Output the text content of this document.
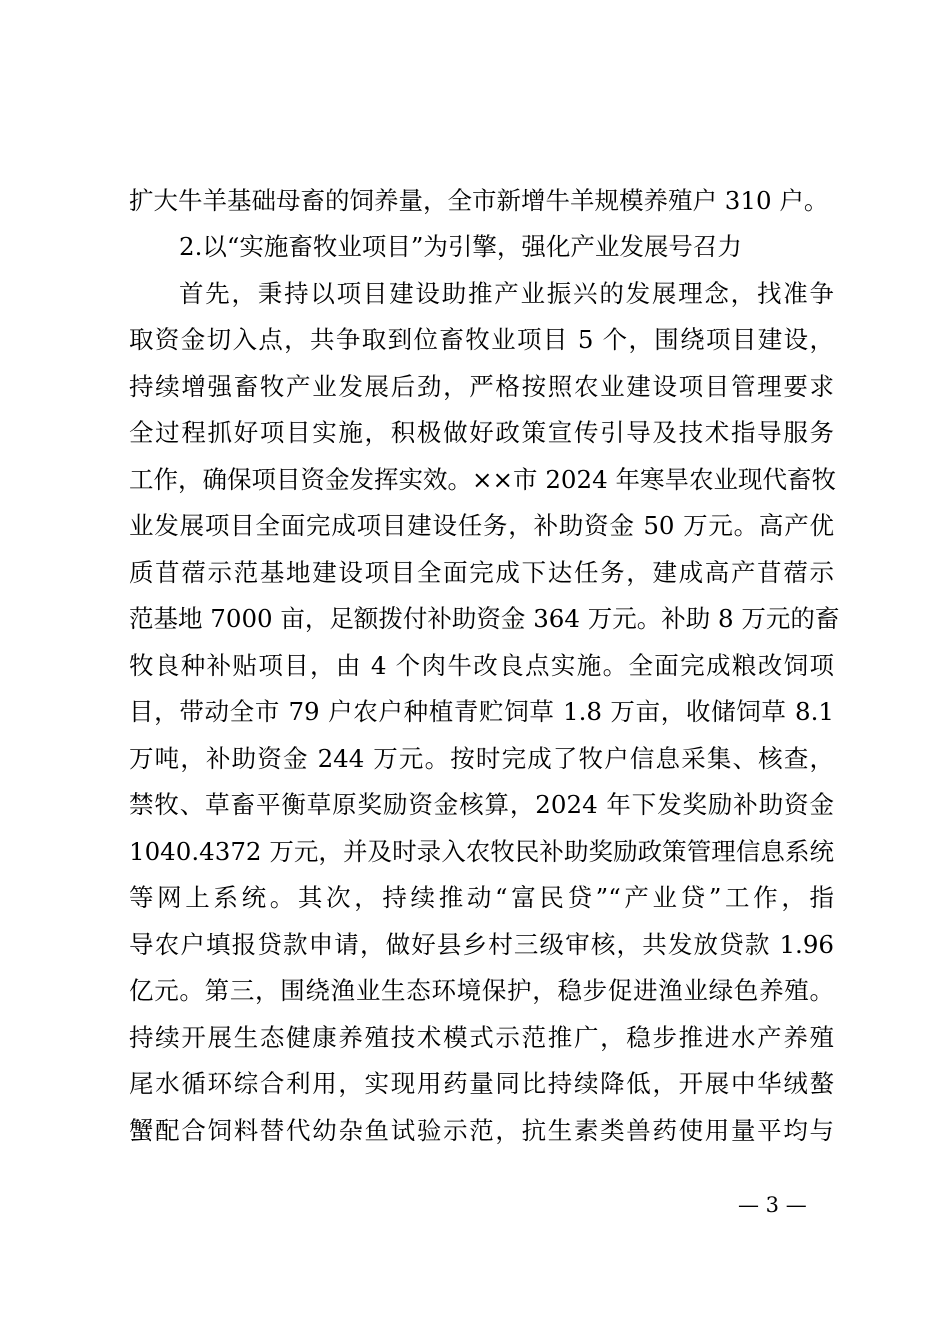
扩大牛羊基础母畜的饲养量，全市新增牛羊规模养殖户 310 户。
2.以“实施畜牧业项目”为引擎，强化产业发展号召力
首先，秉持以项目建设助推产业振兴的发展理念，找准争
取资金切入点，共争取到位畜牧业项目 5 个，围绕项目建设，
持续增强畜牧产业发展后劲，严格按照农业建设项目管理要求
全过程抓好项目实施，积极做好政策宣传引导及技术指导服务
工作，确保项目资金发挥实效。××市 2024 年寒旱农业现代畜牧
业发展项目全面完成项目建设任务，补助资金 50 万元。高产优
质苜蓿示范基地建设项目全面完成下达任务，建成高产苜蓿示
范基地 7000 亩，足额拨付补助资金 364 万元。补助 8 万元的畜
牧良种补贴项目，由 4 个肉牛改良点实施。全面完成粮改饲项
目，带动全市 79 户农户种植青贮饲草 1.8 万亩，收储饲草 8.1
万吨，补助资金 244 万元。按时完成了牧户信息采集、核查，
禁牧、草畜平衡草原奖励资金核算，2024 年下发奖励补助资金
1040.4372 万元，并及时录入农牧民补助奖励政策管理信息系统
等网上系统。其次，持续推动“富民贷”“产业贷”工作，指
导农户填报贷款申请，做好县乡村三级审核，共发放贷款 1.96
亿元。第三，围绕渔业生态环境保护，稳步促进渔业绿色养殖。
持续开展生态健康养殖技术模式示范推广，稳步推进水产养殖
尾水循环综合利用，实现用药量同比持续降低，开展中华绒螯
蟹配合饲料替代幼杂鱼试验示范，抗生素类兽药使用量平均与
— 3 —
